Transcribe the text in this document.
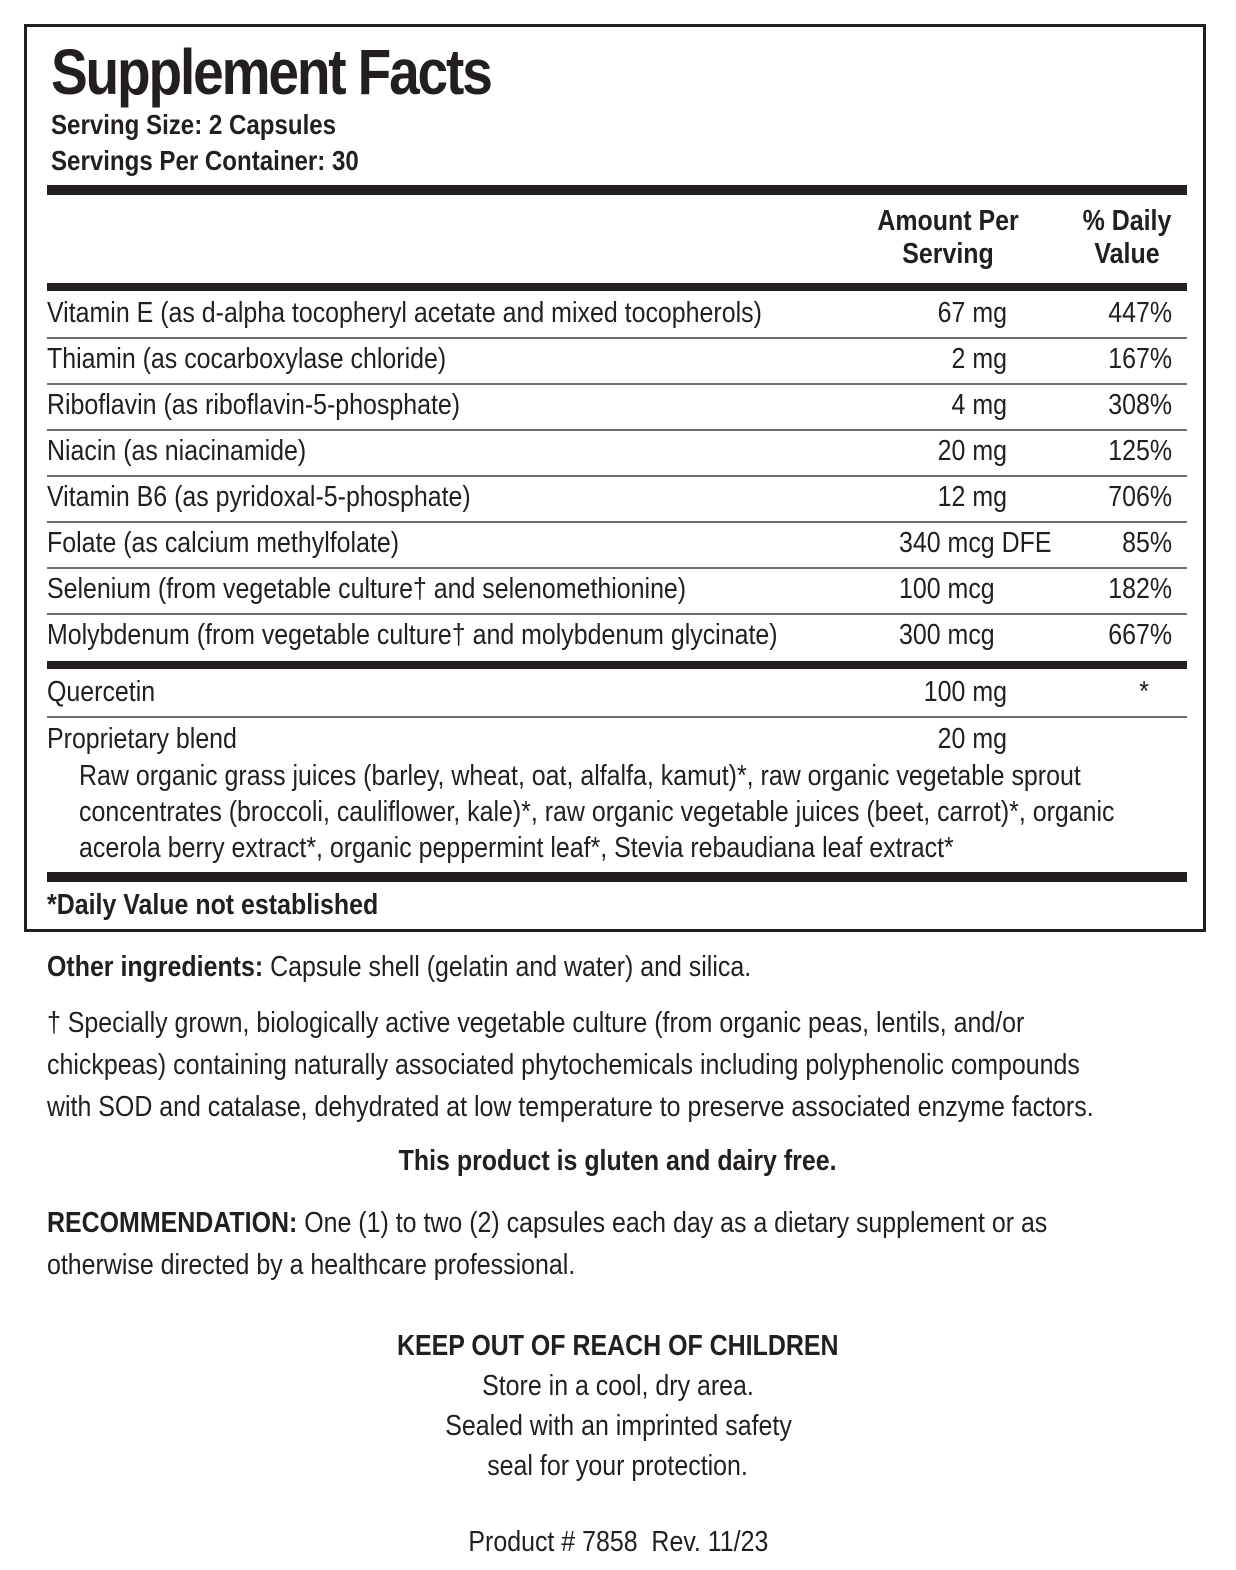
Supplement Facts
Serving Size: 2 Capsules
Servings Per Container: 30
Amount Per
Serving
% Daily
Value
Vitamin E (as d-alpha tocopheryl acetate and mixed tocopherols)	67 mg	447%
Thiamin (as cocarboxylase chloride)	2 mg	167%
Riboflavin (as riboflavin-5-phosphate)	4 mg	308%
Niacin (as niacinamide)	20 mg	125%
Vitamin B6 (as pyridoxal-5-phosphate)	12 mg	706%
Folate (as calcium methylfolate)	340 mcg DFE	85%
Selenium (from vegetable culture† and selenomethionine)	100 mcg	182%
Molybdenum (from vegetable culture† and molybdenum glycinate)	300 mcg	667%
Quercetin	100 mg	*
Proprietary blend	20 mg
Raw organic grass juices (barley, wheat, oat, alfalfa, kamut)*, raw organic vegetable sprout
concentrates (broccoli, cauliflower, kale)*, raw organic vegetable juices (beet, carrot)*, organic
acerola berry extract*, organic peppermint leaf*, Stevia rebaudiana leaf extract*
*Daily Value not established
Other ingredients: Capsule shell (gelatin and water) and silica.
† Specially grown, biologically active vegetable culture (from organic peas, lentils, and/or
chickpeas) containing naturally associated phytochemicals including polyphenolic compounds
with SOD and catalase, dehydrated at low temperature to preserve associated enzyme factors.
This product is gluten and dairy free.
RECOMMENDATION: One (1) to two (2) capsules each day as a dietary supplement or as
otherwise directed by a healthcare professional.
KEEP OUT OF REACH OF CHILDREN
Store in a cool, dry area.
Sealed with an imprinted safety
seal for your protection.
Product # 7858  Rev. 11/23
